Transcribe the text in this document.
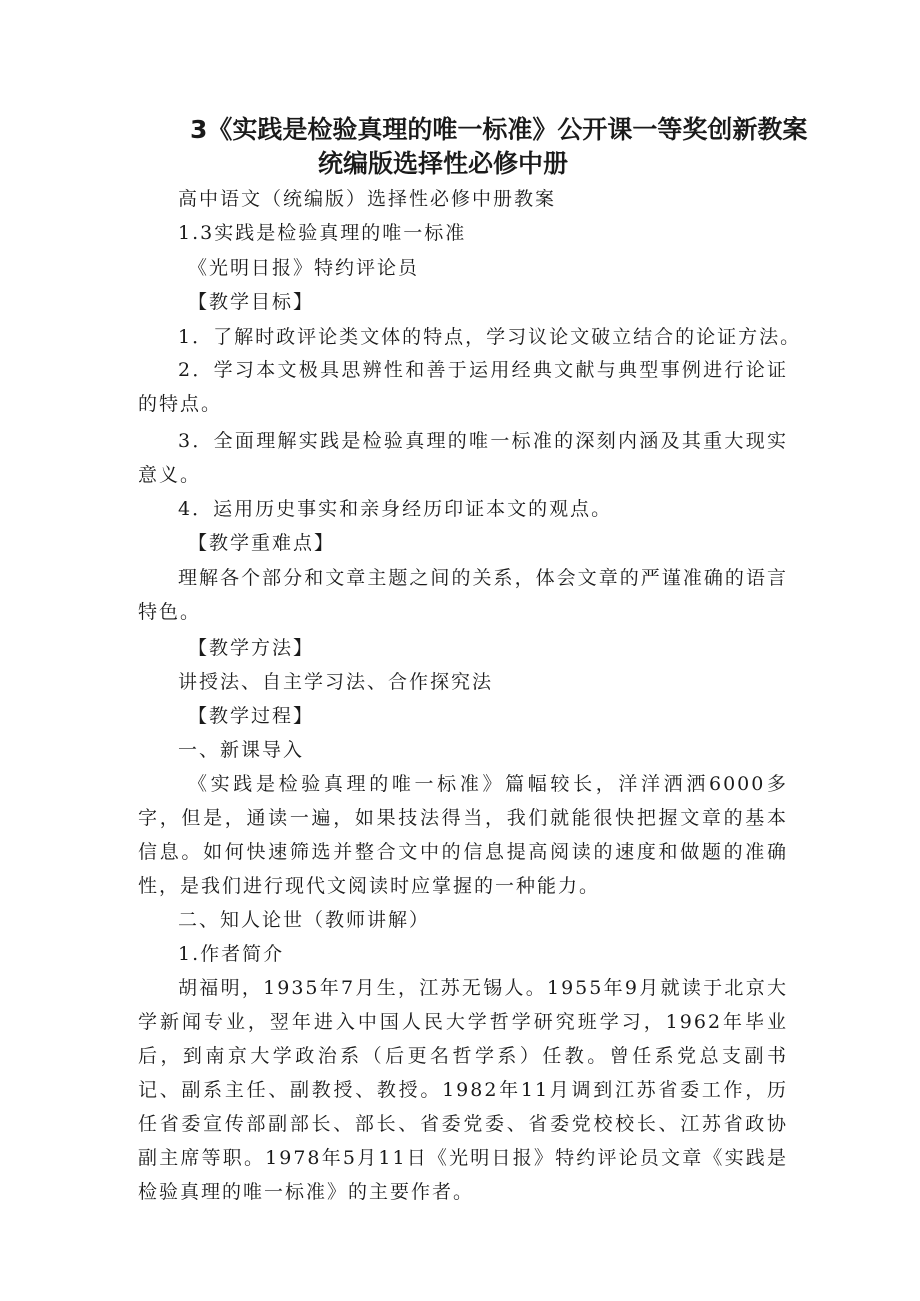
3《实践是检验真理的唯一标准》公开课一等奖创新教案
统编版选择性必修中册
高中语文（统编版）选择性必修中册教案
1.3实践是检验真理的唯一标准
《光明日报》特约评论员
【教学目标】
1．了解时政评论类文体的特点，学习议论文破立结合的论证方法。
2．学习本文极具思辨性和善于运用经典文献与典型事例进行论证的特点。
3．全面理解实践是检验真理的唯一标准的深刻内涵及其重大现实意义。
4．运用历史事实和亲身经历印证本文的观点。
【教学重难点】
理解各个部分和文章主题之间的关系，体会文章的严谨准确的语言特色。
【教学方法】
讲授法、自主学习法、合作探究法
【教学过程】
一、新课导入
《实践是检验真理的唯一标准》篇幅较长，洋洋洒洒6000多字，但是，通读一遍，如果技法得当，我们就能很快把握文章的基本信息。如何快速筛选并整合文中的信息提高阅读的速度和做题的准确性，是我们进行现代文阅读时应掌握的一种能力。
二、知人论世（教师讲解）
1.作者简介
胡福明，1935年7月生，江苏无锡人。1955年9月就读于北京大学新闻专业，翌年进入中国人民大学哲学研究班学习，1962年毕业后，到南京大学政治系（后更名哲学系）任教。曾任系党总支副书记、副系主任、副教授、教授。1982年11月调到江苏省委工作，历任省委宣传部副部长、部长、省委党委、省委党校校长、江苏省政协副主席等职。1978年5月11日《光明日报》特约评论员文章《实践是检验真理的唯一标准》的主要作者。
